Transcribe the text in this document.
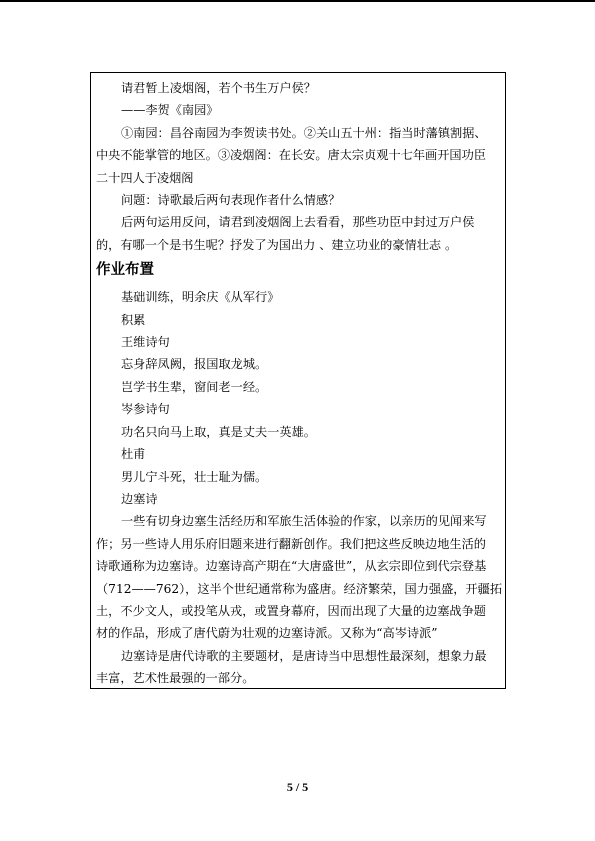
请君暂上凌烟阁，若个书生万户侯？
——李贺《南园》
①南园：昌谷南园为李贺读书处。②关山五十州：指当时藩镇割据、
中央不能掌管的地区。③凌烟阁：在长安。唐太宗贞观十七年画开国功臣
二十四人于凌烟阁
问题：诗歌最后两句表现作者什么情感？
后两句运用反问，请君到凌烟阁上去看看，那些功臣中封过万户侯
的，有哪一个是书生呢？抒发了为国出力 、建立功业的豪情壮志 。
作业布置
基础训练，明余庆《从军行》
积累
王维诗句
忘身辞凤阙，报国取龙城。
岂学书生辈，窗间老一经。
岑参诗句
功名只向马上取，真是丈夫一英雄。
杜甫
男儿宁斗死，壮士耻为儒。
边塞诗
一些有切身边塞生活经历和军旅生活体验的作家，以亲历的见闻来写
作；另一些诗人用乐府旧题来进行翻新创作。我们把这些反映边地生活的
诗歌通称为边塞诗。边塞诗高产期在“大唐盛世”，从玄宗即位到代宗登基
（712——762），这半个世纪通常称为盛唐。经济繁荣，国力强盛，开疆拓
土，不少文人，或投笔从戎，或置身幕府，因而出现了大量的边塞战争题
材的作品，形成了唐代蔚为壮观的边塞诗派。又称为“高岑诗派”
边塞诗是唐代诗歌的主要题材，是唐诗当中思想性最深刻，想象力最
丰富，艺术性最强的一部分。
5 / 5
